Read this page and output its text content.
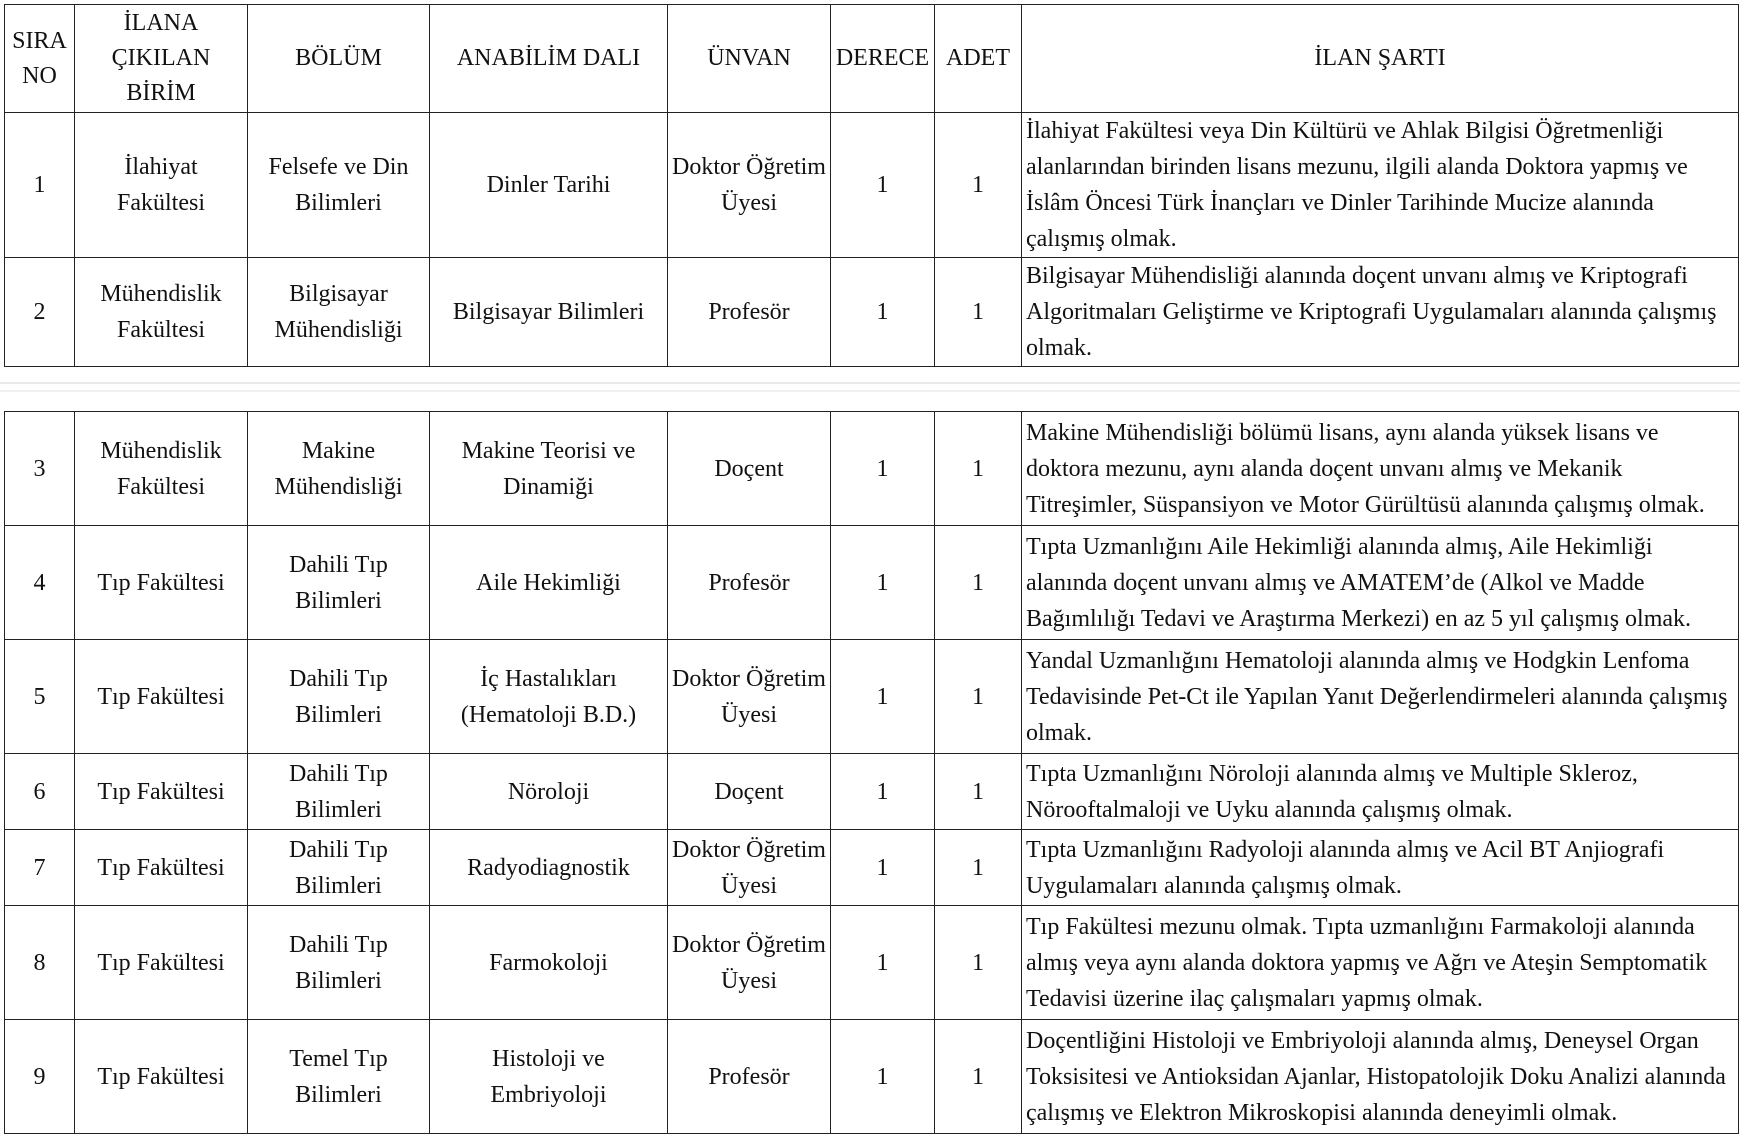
SIRA NO	İLANA ÇIKILAN BİRİM	BÖLÜM	ANABİLİM DALI	ÜNVAN	DERECE	ADET	İLAN ŞARTI
1	İlahiyat Fakültesi	Felsefe ve Din Bilimleri	Dinler Tarihi	Doktor Öğretim Üyesi	1	1	İlahiyat Fakültesi veya Din Kültürü ve Ahlak Bilgisi Öğretmenliği alanlarından birinden lisans mezunu, ilgili alanda Doktora yapmış ve İslâm Öncesi Türk İnançları ve Dinler Tarihinde Mucize alanında çalışmış olmak.
2	Mühendislik Fakültesi	Bilgisayar Mühendisliği	Bilgisayar Bilimleri	Profesör	1	1	Bilgisayar Mühendisliği alanında doçent unvanı almış ve Kriptografi Algoritmaları Geliştirme ve Kriptografi Uygulamaları alanında çalışmış olmak.
3	Mühendislik Fakültesi	Makine Mühendisliği	Makine Teorisi ve Dinamiği	Doçent	1	1	Makine Mühendisliği bölümü lisans, aynı alanda yüksek lisans ve doktora mezunu, aynı alanda doçent unvanı almış ve Mekanik Titreşimler, Süspansiyon ve Motor Gürültüsü alanında çalışmış olmak.
4	Tıp Fakültesi	Dahili Tıp Bilimleri	Aile Hekimliği	Profesör	1	1	Tıpta Uzmanlığını Aile Hekimliği alanında almış, Aile Hekimliği alanında doçent unvanı almış ve AMATEM’de (Alkol ve Madde Bağımlılığı Tedavi ve Araştırma Merkezi) en az 5 yıl çalışmış olmak.
5	Tıp Fakültesi	Dahili Tıp Bilimleri	İç Hastalıkları (Hematoloji B.D.)	Doktor Öğretim Üyesi	1	1	Yandal Uzmanlığını Hematoloji alanında almış ve Hodgkin Lenfoma Tedavisinde Pet-Ct ile Yapılan Yanıt Değerlendirmeleri alanında çalışmış olmak.
6	Tıp Fakültesi	Dahili Tıp Bilimleri	Nöroloji	Doçent	1	1	Tıpta Uzmanlığını Nöroloji alanında almış ve Multiple Skleroz, Nörooftalmaloji ve Uyku alanında çalışmış olmak.
7	Tıp Fakültesi	Dahili Tıp Bilimleri	Radyodiagnostik	Doktor Öğretim Üyesi	1	1	Tıpta Uzmanlığını Radyoloji alanında almış ve Acil BT Anjiografi Uygulamaları alanında çalışmış olmak.
8	Tıp Fakültesi	Dahili Tıp Bilimleri	Farmokoloji	Doktor Öğretim Üyesi	1	1	Tıp Fakültesi mezunu olmak. Tıpta uzmanlığını Farmakoloji alanında almış veya aynı alanda doktora yapmış ve Ağrı ve Ateşin Semptomatik Tedavisi üzerine ilaç çalışmaları yapmış olmak.
9	Tıp Fakültesi	Temel Tıp Bilimleri	Histoloji ve Embriyoloji	Profesör	1	1	Doçentliğini Histoloji ve Embriyoloji alanında almış, Deneysel Organ Toksisitesi ve Antioksidan Ajanlar, Histopatolojik Doku Analizi alanında çalışmış ve Elektron Mikroskopisi alanında deneyimli olmak.
